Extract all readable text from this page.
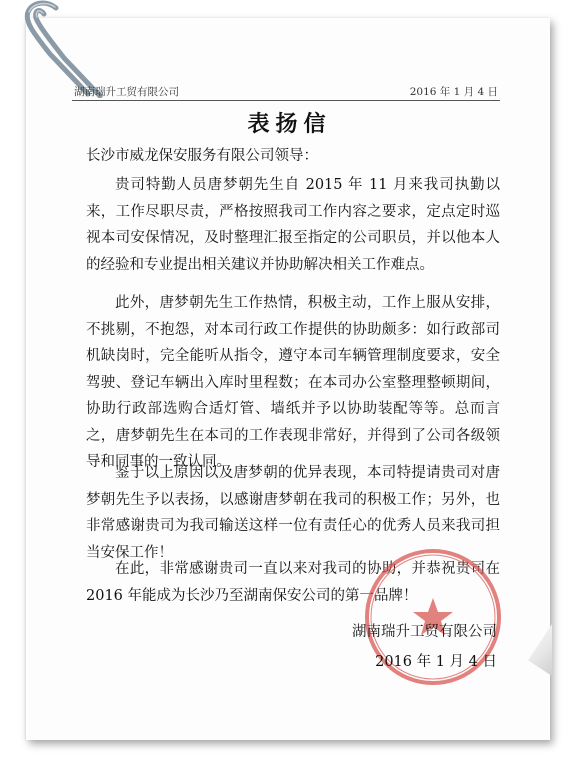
湖南瑞升工贸有限公司	2016 年 1 月 4 日
表扬信
长沙市威龙保安服务有限公司领导：
贵司特勤人员唐梦朝先生自 2015 年 11 月来我司执勤以来，工作尽职尽责，严格按照我司工作内容之要求，定点定时巡视本司安保情况，及时整理汇报至指定的公司职员，并以他本人的经验和专业提出相关建议并协助解决相关工作难点。
此外，唐梦朝先生工作热情，积极主动，工作上服从安排，不挑剔，不抱怨，对本司行政工作提供的协助颇多：如行政部司机缺岗时，完全能听从指令，遵守本司车辆管理制度要求，安全驾驶、登记车辆出入库时里程数；在本司办公室整理整顿期间，协助行政部选购合适灯管、墙纸并予以协助装配等等。总而言之，唐梦朝先生在本司的工作表现非常好，并得到了公司各级领导和同事的一致认同。
鉴于以上原因以及唐梦朝的优异表现，本司特提请贵司对唐梦朝先生予以表扬，以感谢唐梦朝在我司的积极工作；另外，也非常感谢贵司为我司输送这样一位有责任心的优秀人员来我司担当安保工作！
在此，非常感谢贵司一直以来对我司的协助，并恭祝贵司在 2016 年能成为长沙乃至湖南保安公司的第一品牌！
湖南瑞升工贸有限公司
2016 年 1 月 4 日
